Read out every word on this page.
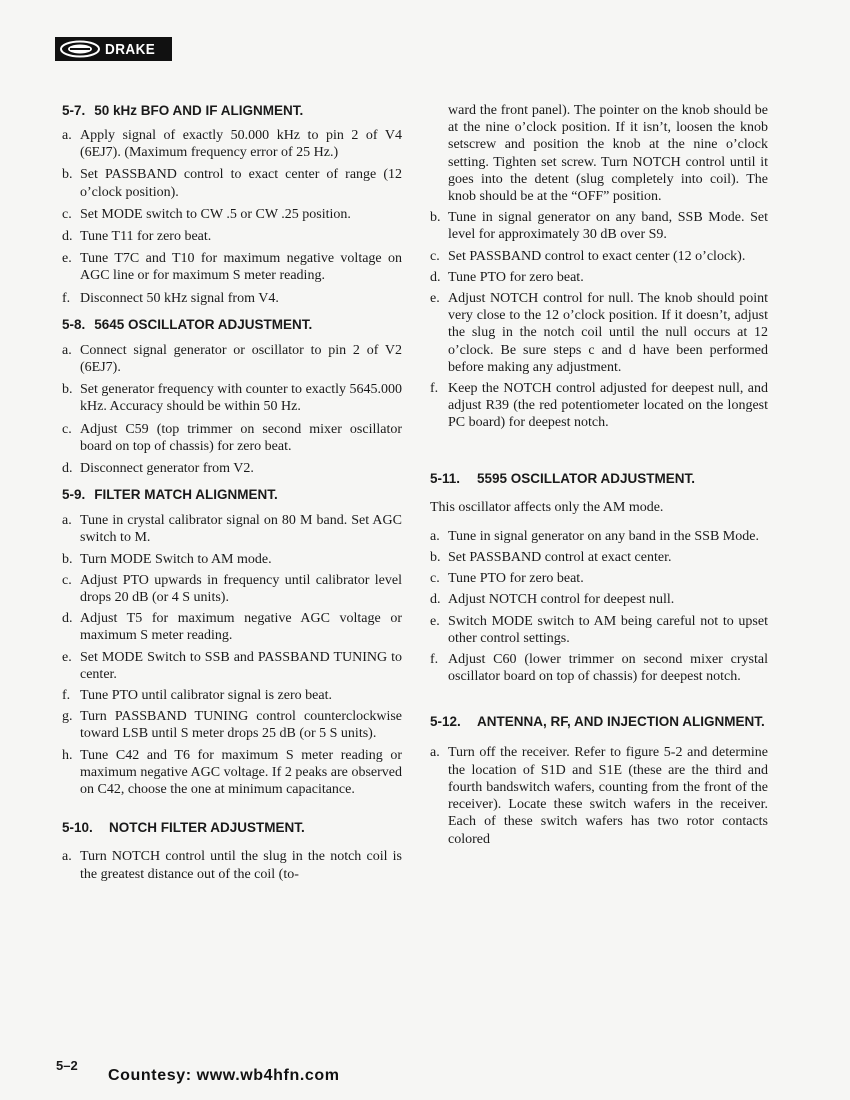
DRAKE
5-7. 50 kHz BFO AND IF ALIGNMENT.
a. Apply signal of exactly 50.000 kHz to pin 2 of V4 (6EJ7). (Maximum frequency error of 25 Hz.)
b. Set PASSBAND control to exact center of range (12 o’clock position).
c. Set MODE switch to CW .5 or CW .25 position.
d. Tune T11 for zero beat.
e. Tune T7C and T10 for maximum negative voltage on AGC line or for maximum S meter reading.
f. Disconnect 50 kHz signal from V4.
5-8. 5645 OSCILLATOR ADJUSTMENT.
a. Connect signal generator or oscillator to pin 2 of V2 (6EJ7).
b. Set generator frequency with counter to exactly 5645.000 kHz. Accuracy should be within 50 Hz.
c. Adjust C59 (top trimmer on second mixer oscillator board on top of chassis) for zero beat.
d. Disconnect generator from V2.
5-9. FILTER MATCH ALIGNMENT.
a. Tune in crystal calibrator signal on 80 M band. Set AGC switch to M.
b. Turn MODE Switch to AM mode.
c. Adjust PTO upwards in frequency until calibrator level drops 20 dB (or 4 S units).
d. Adjust T5 for maximum negative AGC voltage or maximum S meter reading.
e. Set MODE Switch to SSB and PASSBAND TUNING to center.
f. Tune PTO until calibrator signal is zero beat.
g. Turn PASSBAND TUNING control counterclockwise toward LSB until S meter drops 25 dB (or 5 S units).
h. Tune C42 and T6 for maximum S meter reading or maximum negative AGC voltage. If 2 peaks are observed on C42, choose the one at minimum capacitance.
5-10.	NOTCH FILTER ADJUSTMENT.
a. Turn NOTCH control until the slug in the notch coil is the greatest distance out of the coil (to-
ward the front panel). The pointer on the knob should be at the nine o’clock position. If it isn’t, loosen the knob setscrew and position the knob at the nine o’clock setting. Tighten set screw. Turn NOTCH control until it goes into the detent (slug completely into coil). The knob should be at the “OFF” position.
b. Tune in signal generator on any band, SSB Mode. Set level for approximately 30 dB over S9.
c. Set PASSBAND control to exact center (12 o’clock).
d. Tune PTO for zero beat.
e. Adjust NOTCH control for null. The knob should point very close to the 12 o’clock position. If it doesn’t, adjust the slug in the notch coil until the null occurs at 12 o’clock. Be sure steps c and d have been performed before making any adjustment.
f. Keep the NOTCH control adjusted for deepest null, and adjust R39 (the red potentiometer located on the longest PC board) for deepest notch.
5-11.	5595 OSCILLATOR ADJUSTMENT.

This oscillator affects only the AM mode.

a. Tune in signal generator on any band in the SSB Mode.
b. Set PASSBAND control at exact center.
c. Tune PTO for zero beat.
d. Adjust NOTCH control for deepest null.
e. Switch MODE switch to AM being careful not to upset other control settings.
f. Adjust C60 (lower trimmer on second mixer crystal oscillator board on top of chassis) for deepest notch.
5-12.	ANTENNA, RF, AND INJECTION ALIGNMENT.
a. Turn off the receiver. Refer to figure 5-2 and determine the location of S1D and S1E (these are the third and fourth bandswitch wafers, counting from the front of the receiver). Locate these switch wafers in the receiver. Each of these switch wafers has two rotor contacts colored
5–2
Countesy: www.wb4hfn.com
